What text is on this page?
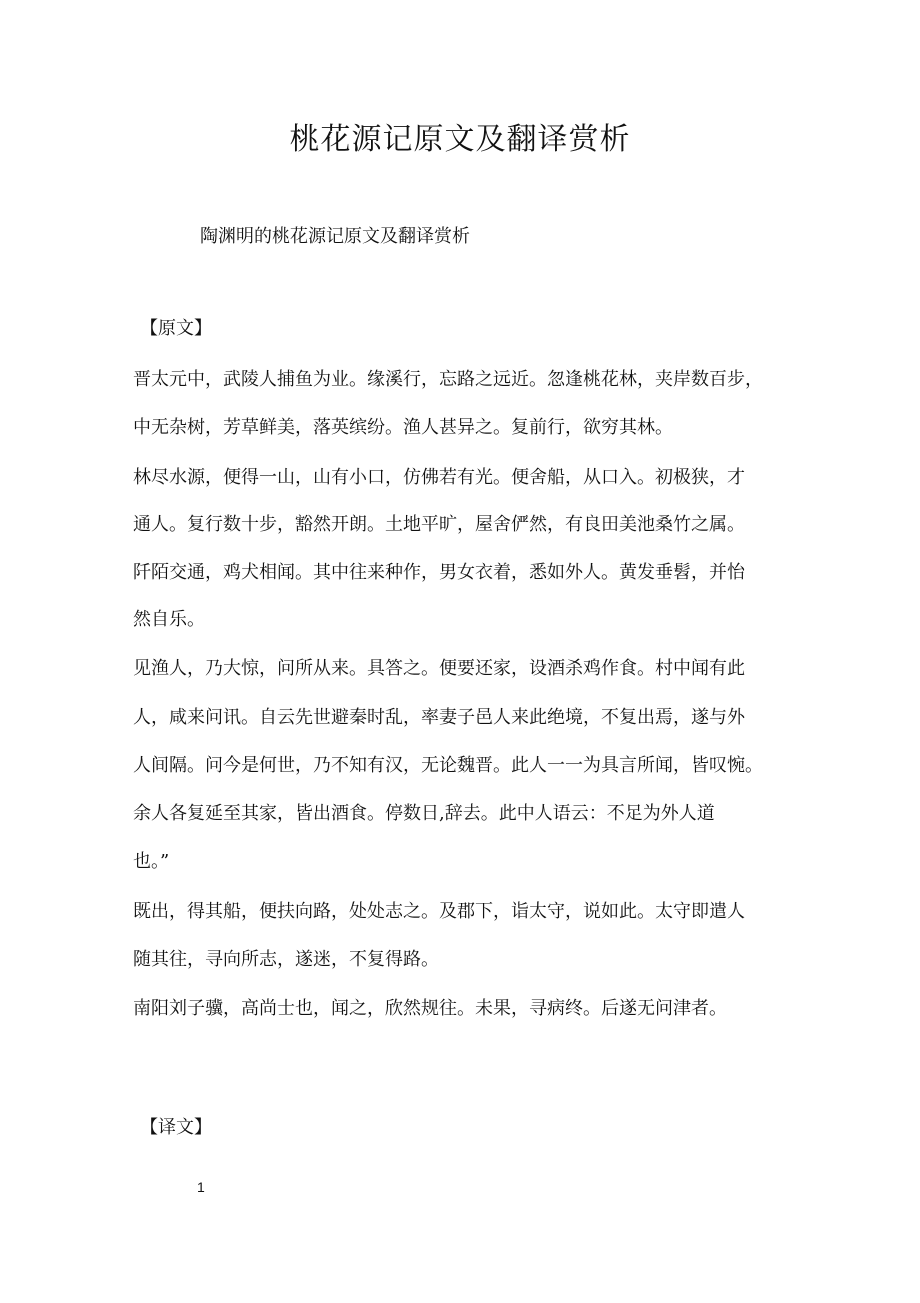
桃花源记原文及翻译赏析
陶渊明的桃花源记原文及翻译赏析
【原文】
晋太元中，武陵人捕鱼为业。缘溪行，忘路之远近。忽逢桃花林，夹岸数百步，
中无杂树，芳草鲜美，落英缤纷。渔人甚异之。复前行，欲穷其林。
林尽水源，便得一山，山有小口，仿佛若有光。便舍船，从口入。初极狭，才
通人。复行数十步，豁然开朗。土地平旷，屋舍俨然，有良田美池桑竹之属。
阡陌交通，鸡犬相闻。其中往来种作，男女衣着，悉如外人。黄发垂髫，并怡
然自乐。
见渔人，乃大惊，问所从来。具答之。便要还家，设酒杀鸡作食。村中闻有此
人，咸来问讯。自云先世避秦时乱，率妻子邑人来此绝境，不复出焉，遂与外
人间隔。问今是何世，乃不知有汉，无论魏晋。此人一一为具言所闻，皆叹惋。
余人各复延至其家，皆出酒食。停数日,辞去。此中人语云：不足为外人道
也。”
既出，得其船，便扶向路，处处志之。及郡下，诣太守，说如此。太守即遣人
随其往，寻向所志，遂迷，不复得路。
南阳刘子骥，高尚士也，闻之，欣然规往。未果，寻病终。后遂无问津者。
【译文】
1
